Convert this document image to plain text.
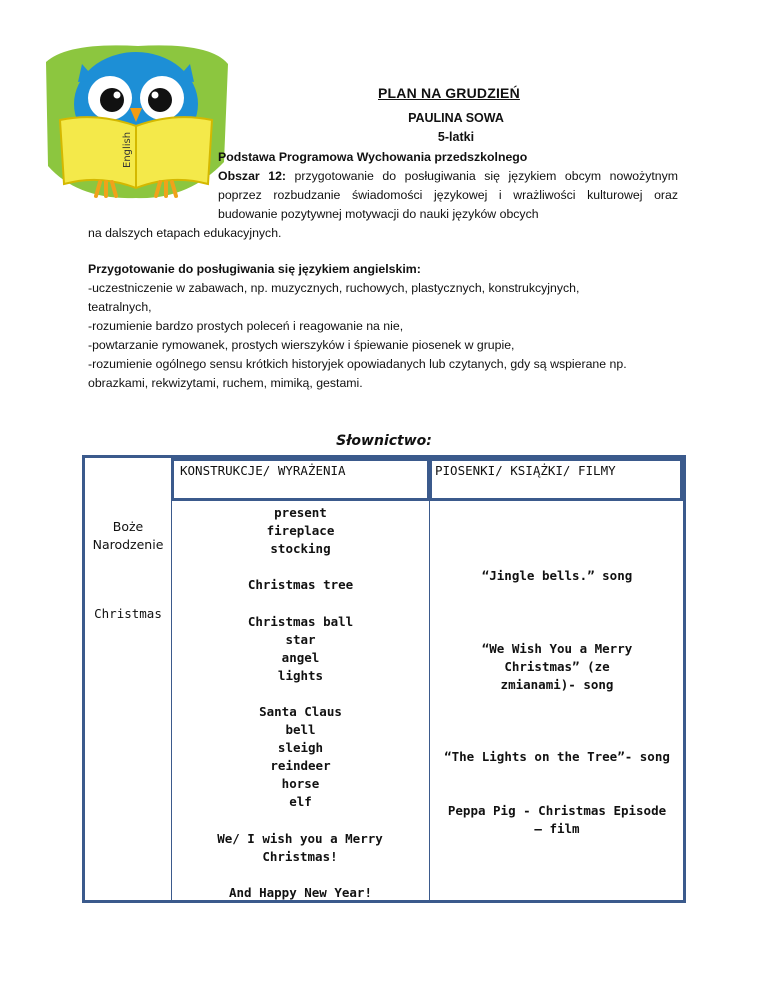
English
PLAN NA GRUDZIEŃ
PAULINA SOWA
5-latki
Podstawa Programowa Wychowania przedszkolnego
Obszar 12: przygotowanie do posługiwania się językiem obcym nowożytnym poprzez rozbudzanie świadomości językowej i wrażliwości kulturowej oraz budowanie pozytywnej motywacji do nauki języków obcych
na dalszych etapach edukacyjnych.
Przygotowanie do posługiwania się językiem angielskim:
-uczestniczenie w zabawach, np. muzycznych, ruchowych, plastycznych, konstrukcyjnych,
teatralnych,
-rozumienie bardzo prostych poleceń i reagowanie na nie,
-powtarzanie rymowanek, prostych wierszyków i śpiewanie piosenek w grupie,
-rozumienie ogólnego sensu krótkich historyjek opowiadanych lub czytanych, gdy są wspierane np.
obrazkami, rekwizytami, ruchem, mimiką, gestami.
Słownictwo:
KONSTRUKCJE/ WYRAŻENIA	PIOSENKI/ KSIĄŻKI/ FILMY
Boże Narodzenie
Christmas
present
fireplace
stocking
Christmas tree
Christmas ball
star
angel
lights
Santa Claus
bell
sleigh
reindeer
horse
elf
We/ I wish you a Merry Christmas!
And Happy New Year!
“Jingle bells.” song
“We Wish You a Merry Christmas” (ze zmianami)- song
“The Lights on the Tree”- song
Peppa Pig - Christmas Episode – film
